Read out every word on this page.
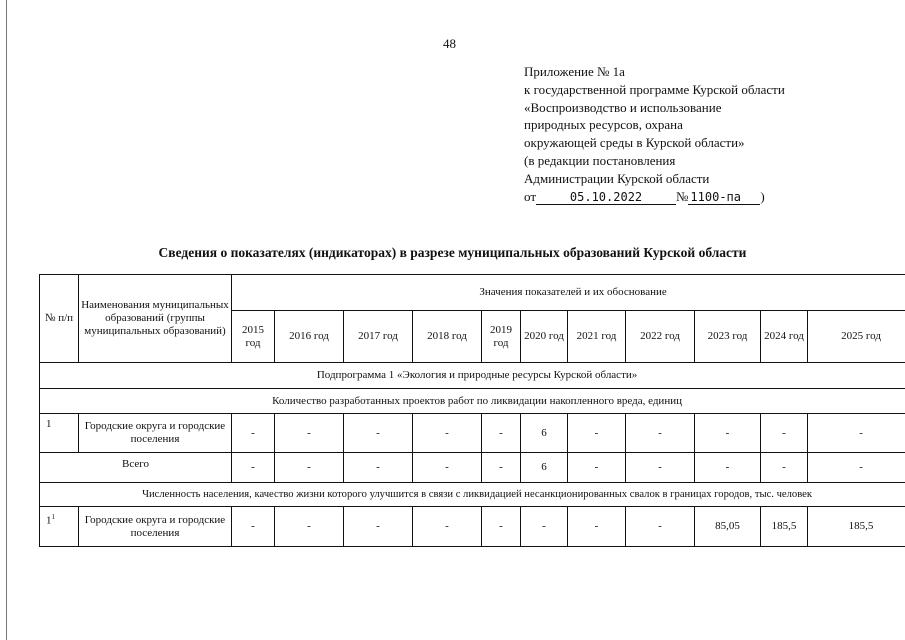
48
Приложение № 1а
к государственной программе Курской области
«Воспроизводство и использование
природных ресурсов, охрана
окружающей среды в Курской области»
(в редакции постановления
Администрации Курской области
от	05.10.2022	№ 1100-па )
Сведения о показателях (индикаторах) в разрезе муниципальных образований Курской области
№ п/п	Наименования муниципальных образований (группы муниципальных образований)	Значения показателей и их обоснование										
		2015 год	2016 год	2017 год	2018 год	2019 год	2020 год	2021 год	2022 год	2023 год	2024 год	2025 год
Подпрограмма 1 «Экология и природные ресурсы Курской области»												
Количество разработанных проектов работ по ликвидации накопленного вреда, единиц												
1	Городские округа и городские поселения	-	-	-	-	-	6	-	-	-	-	-
Всего		-	-	-	-	-	6	-	-	-	-	-
Численность населения, качество жизни которого улучшится в связи с ликвидацией несанкционированных свалок в границах городов, тыс. человек												
$1^1$	Городские округа и городские поселения	-	-	-	-	-	-	-	-	85,05	185,5	185,5
